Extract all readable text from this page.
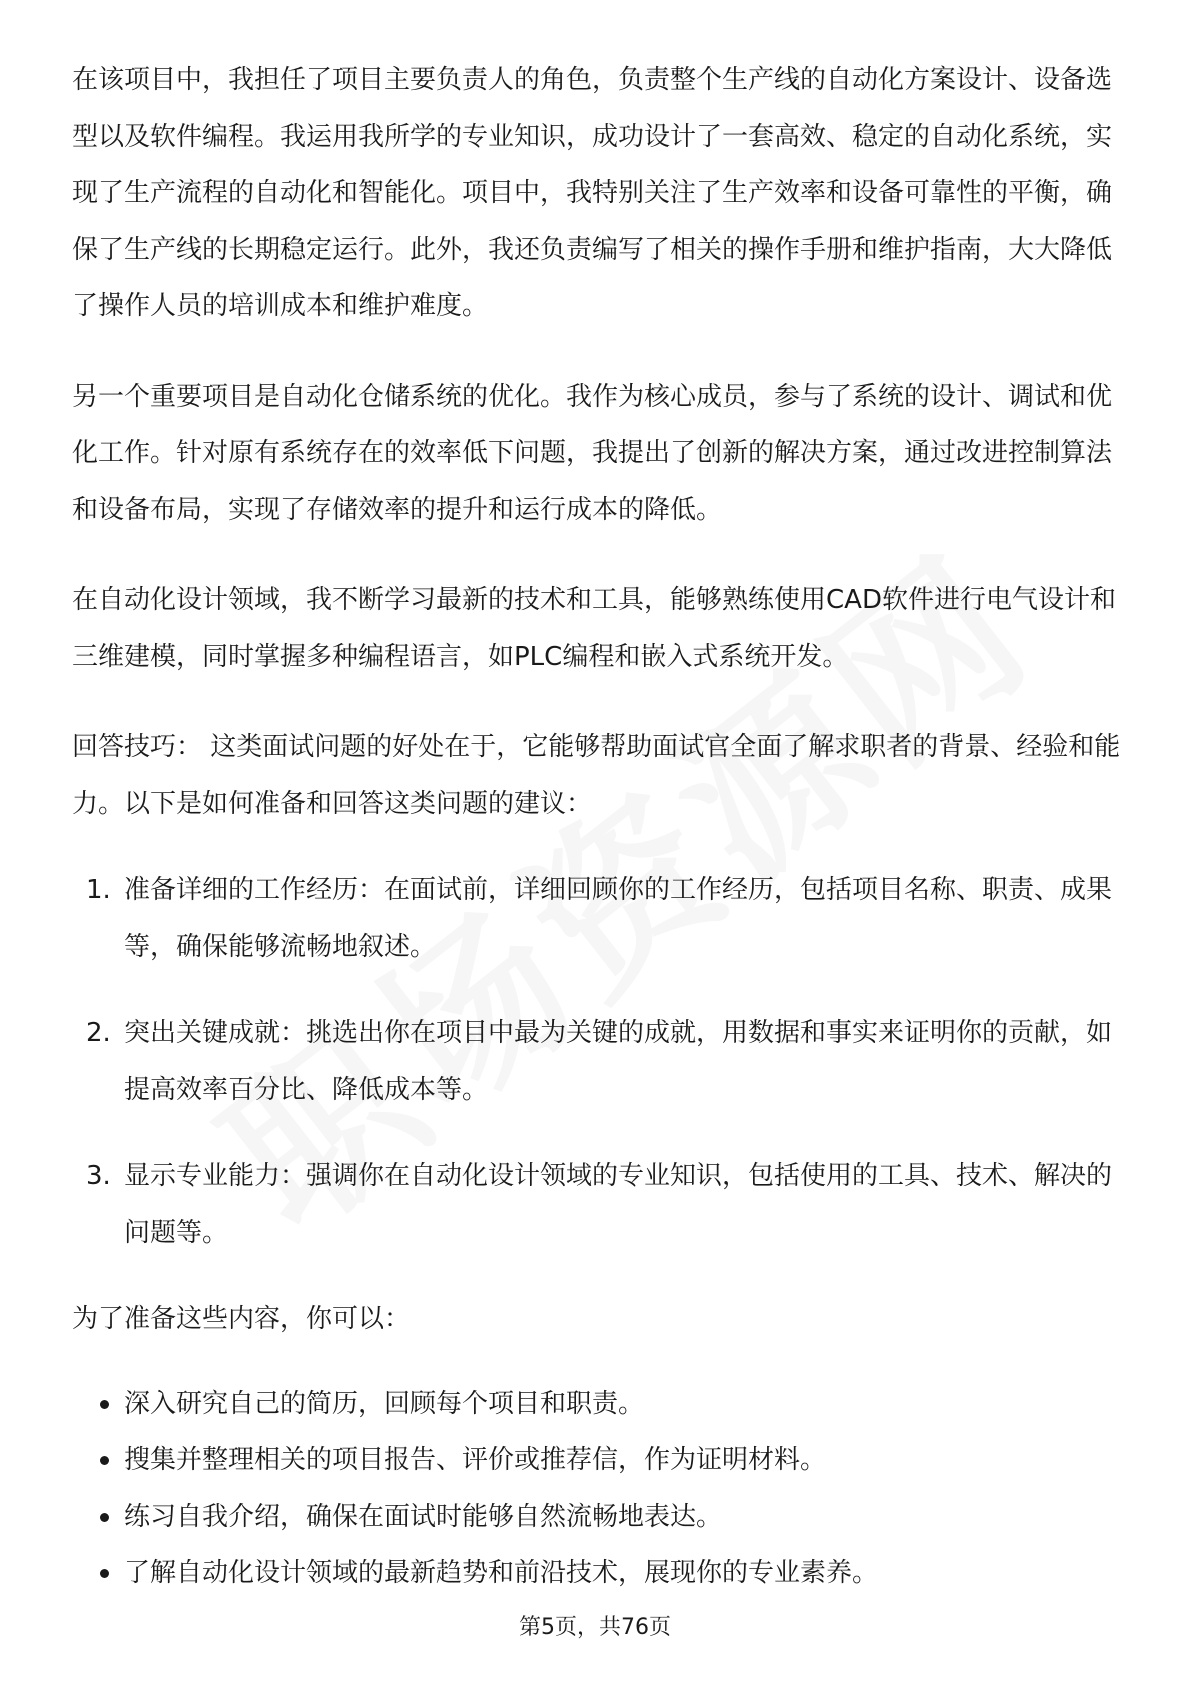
在该项目中，我担任了项目主要负责人的角色，负责整个生产线的自动化方案设计、设备选型以及软件编程。我运用我所学的专业知识，成功设计了一套高效、稳定的自动化系统，实现了生产流程的自动化和智能化。项目中，我特别关注了生产效率和设备可靠性的平衡，确保了生产线的长期稳定运行。此外，我还负责编写了相关的操作手册和维护指南，大大降低了操作人员的培训成本和维护难度。

另一个重要项目是自动化仓储系统的优化。我作为核心成员，参与了系统的设计、调试和优化工作。针对原有系统存在的效率低下问题，我提出了创新的解决方案，通过改进控制算法和设备布局，实现了存储效率的提升和运行成本的降低。

在自动化设计领域，我不断学习最新的技术和工具，能够熟练使用CAD软件进行电气设计和三维建模，同时掌握多种编程语言，如PLC编程和嵌入式系统开发。

回答技巧： 这类面试问题的好处在于，它能够帮助面试官全面了解求职者的背景、经验和能力。以下是如何准备和回答这类问题的建议：

1. 准备详细的工作经历：在面试前，详细回顾你的工作经历，包括项目名称、职责、成果等，确保能够流畅地叙述。
2. 突出关键成就：挑选出你在项目中最为关键的成就，用数据和事实来证明你的贡献，如提高效率百分比、降低成本等。
3. 显示专业能力：强调你在自动化设计领域的专业知识，包括使用的工具、技术、解决的问题等。

为了准备这些内容，你可以：

深入研究自己的简历，回顾每个项目和职责。
搜集并整理相关的项目报告、评价或推荐信，作为证明材料。
练习自我介绍，确保在面试时能够自然流畅地表达。
了解自动化设计领域的最新趋势和前沿技术，展现你的专业素养。
第5页，共76页
